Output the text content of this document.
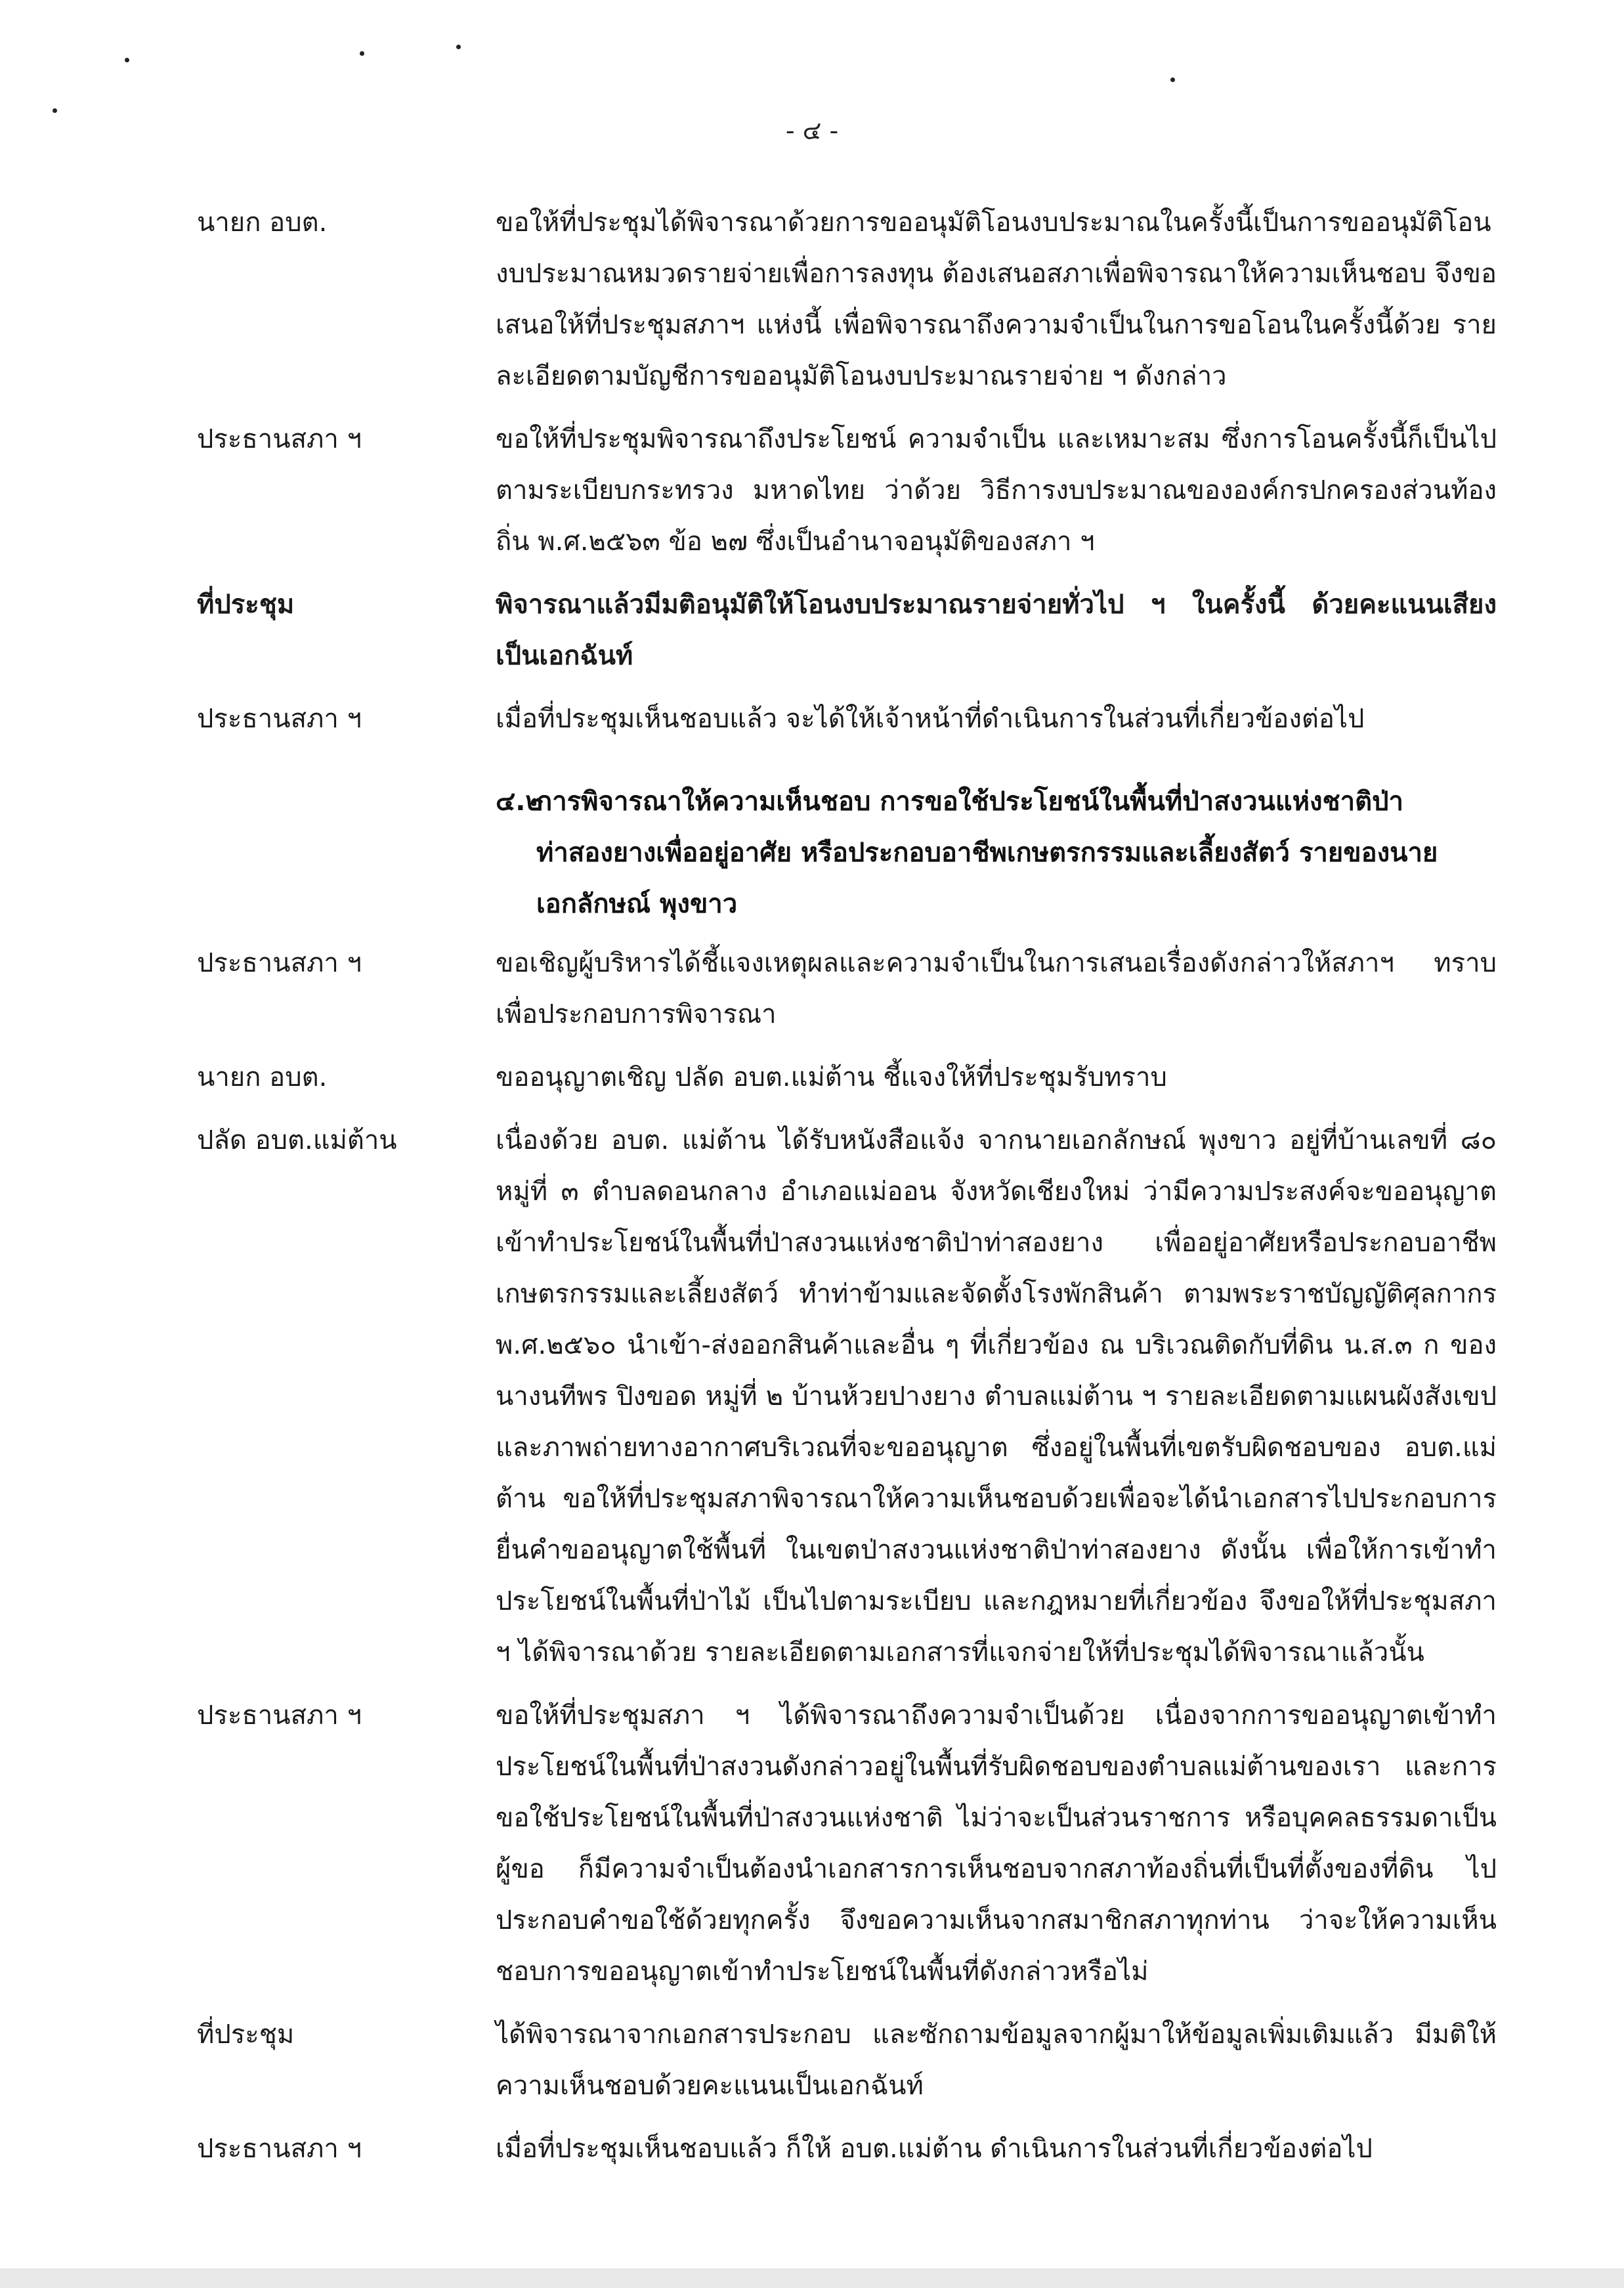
- ๔ -
นายก อบต.	ขอให้ที่ประชุมได้พิจารณาด้วยการขออนุมัติโอนงบประมาณในครั้งนี้เป็นการขออนุมัติโอนงบประมาณหมวดรายจ่ายเพื่อการลงทุน ต้องเสนอสภาเพื่อพิจารณาให้ความเห็นชอบ จึงขอเสนอให้ที่ประชุมสภาฯ แห่งนี้ เพื่อพิจารณาถึงความจำเป็นในการขอโอนในครั้งนี้ด้วย รายละเอียดตามบัญชีการขออนุมัติโอนงบประมาณรายจ่าย ฯ ดังกล่าว
ประธานสภา ฯ	ขอให้ที่ประชุมพิจารณาถึงประโยชน์ ความจำเป็น และเหมาะสม ซึ่งการโอนครั้งนี้ก็เป็นไปตามระเบียบกระทรวง มหาดไทย ว่าด้วย วิธีการงบประมาณขององค์กรปกครองส่วนท้องถิ่น พ.ศ.๒๕๖๓ ข้อ ๒๗ ซึ่งเป็นอำนาจอนุมัติของสภา ฯ
ที่ประชุม	พิจารณาแล้วมีมติอนุมัติให้โอนงบประมาณรายจ่ายทั่วไป ฯ ในครั้งนี้ ด้วยคะแนนเสียง เป็นเอกฉันท์
ประธานสภา ฯ	เมื่อที่ประชุมเห็นชอบแล้ว จะได้ให้เจ้าหน้าที่ดำเนินการในส่วนที่เกี่ยวข้องต่อไป
๔.๒
การพิจารณาให้ความเห็นชอบ การขอใช้ประโยชน์ในพื้นที่ป่าสงวนแห่งชาติป่าท่าสองยางเพื่ออยู่อาศัย หรือประกอบอาชีพเกษตรกรรมและเลี้ยงสัตว์ รายของนายเอกลักษณ์ พุงขาว
ประธานสภา ฯ	ขอเชิญผู้บริหารได้ชี้แจงเหตุผลและความจำเป็นในการเสนอเรื่องดังกล่าวให้สภาฯ ทราบเพื่อประกอบการพิจารณา
นายก อบต.	ขออนุญาตเชิญ ปลัด อบต.แม่ต้าน ชี้แจงให้ที่ประชุมรับทราบ
ปลัด อบต.แม่ต้าน	เนื่องด้วย อบต. แม่ต้าน ได้รับหนังสือแจ้ง จากนายเอกลักษณ์ พุงขาว อยู่ที่บ้านเลขที่ ๘๐ หมู่ที่ ๓ ตำบลดอนกลาง อำเภอแม่ออน จังหวัดเชียงใหม่ ว่ามีความประสงค์จะขออนุญาตเข้าทำประโยชน์ในพื้นที่ป่าสงวนแห่งชาติป่าท่าสองยาง เพื่ออยู่อาศัยหรือประกอบอาชีพเกษตรกรรมและเลี้ยงสัตว์ ทำท่าข้ามและจัดตั้งโรงพักสินค้า ตามพระราชบัญญัติศุลกากร พ.ศ.๒๕๖๐ นำเข้า-ส่งออกสินค้าและอื่น ๆ ที่เกี่ยวข้อง ณ บริเวณติดกับที่ดิน น.ส.๓ ก ของนางนทีพร ปิงขอด หมู่ที่ ๒ บ้านห้วยปางยาง ตำบลแม่ต้าน ฯ รายละเอียดตามแผนผังสังเขป และภาพถ่ายทางอากาศบริเวณที่จะขออนุญาต ซึ่งอยู่ในพื้นที่เขตรับผิดชอบของ อบต.แม่ต้าน ขอให้ที่ประชุมสภาพิจารณาให้ความเห็นชอบด้วยเพื่อจะได้นำเอกสารไปประกอบการยื่นคำขออนุญาตใช้พื้นที่ ในเขตป่าสงวนแห่งชาติป่าท่าสองยาง ดังนั้น เพื่อให้การเข้าทำประโยชน์ในพื้นที่ป่าไม้ เป็นไปตามระเบียบ และกฎหมายที่เกี่ยวข้อง จึงขอให้ที่ประชุมสภา ฯ ได้พิจารณาด้วย รายละเอียดตามเอกสารที่แจกจ่ายให้ที่ประชุมได้พิจารณาแล้วนั้น
ประธานสภา ฯ	ขอให้ที่ประชุมสภา ฯ ได้พิจารณาถึงความจำเป็นด้วย เนื่องจากการขออนุญาตเข้าทำประโยชน์ในพื้นที่ป่าสงวนดังกล่าวอยู่ในพื้นที่รับผิดชอบของตำบลแม่ต้านของเรา และการขอใช้ประโยชน์ในพื้นที่ป่าสงวนแห่งชาติ ไม่ว่าจะเป็นส่วนราชการ หรือบุคคลธรรมดาเป็นผู้ขอ ก็มีความจำเป็นต้องนำเอกสารการเห็นชอบจากสภาท้องถิ่นที่เป็นที่ตั้งของที่ดิน ไปประกอบคำขอใช้ด้วยทุกครั้ง จึงขอความเห็นจากสมาชิกสภาทุกท่าน ว่าจะให้ความเห็นชอบการขออนุญาตเข้าทำประโยชน์ในพื้นที่ดังกล่าวหรือไม่
ที่ประชุม	ได้พิจารณาจากเอกสารประกอบ และซักถามข้อมูลจากผู้มาให้ข้อมูลเพิ่มเติมแล้ว มีมติให้ความเห็นชอบด้วยคะแนนเป็นเอกฉันท์
ประธานสภา ฯ	เมื่อที่ประชุมเห็นชอบแล้ว ก็ให้ อบต.แม่ต้าน ดำเนินการในส่วนที่เกี่ยวข้องต่อไป
